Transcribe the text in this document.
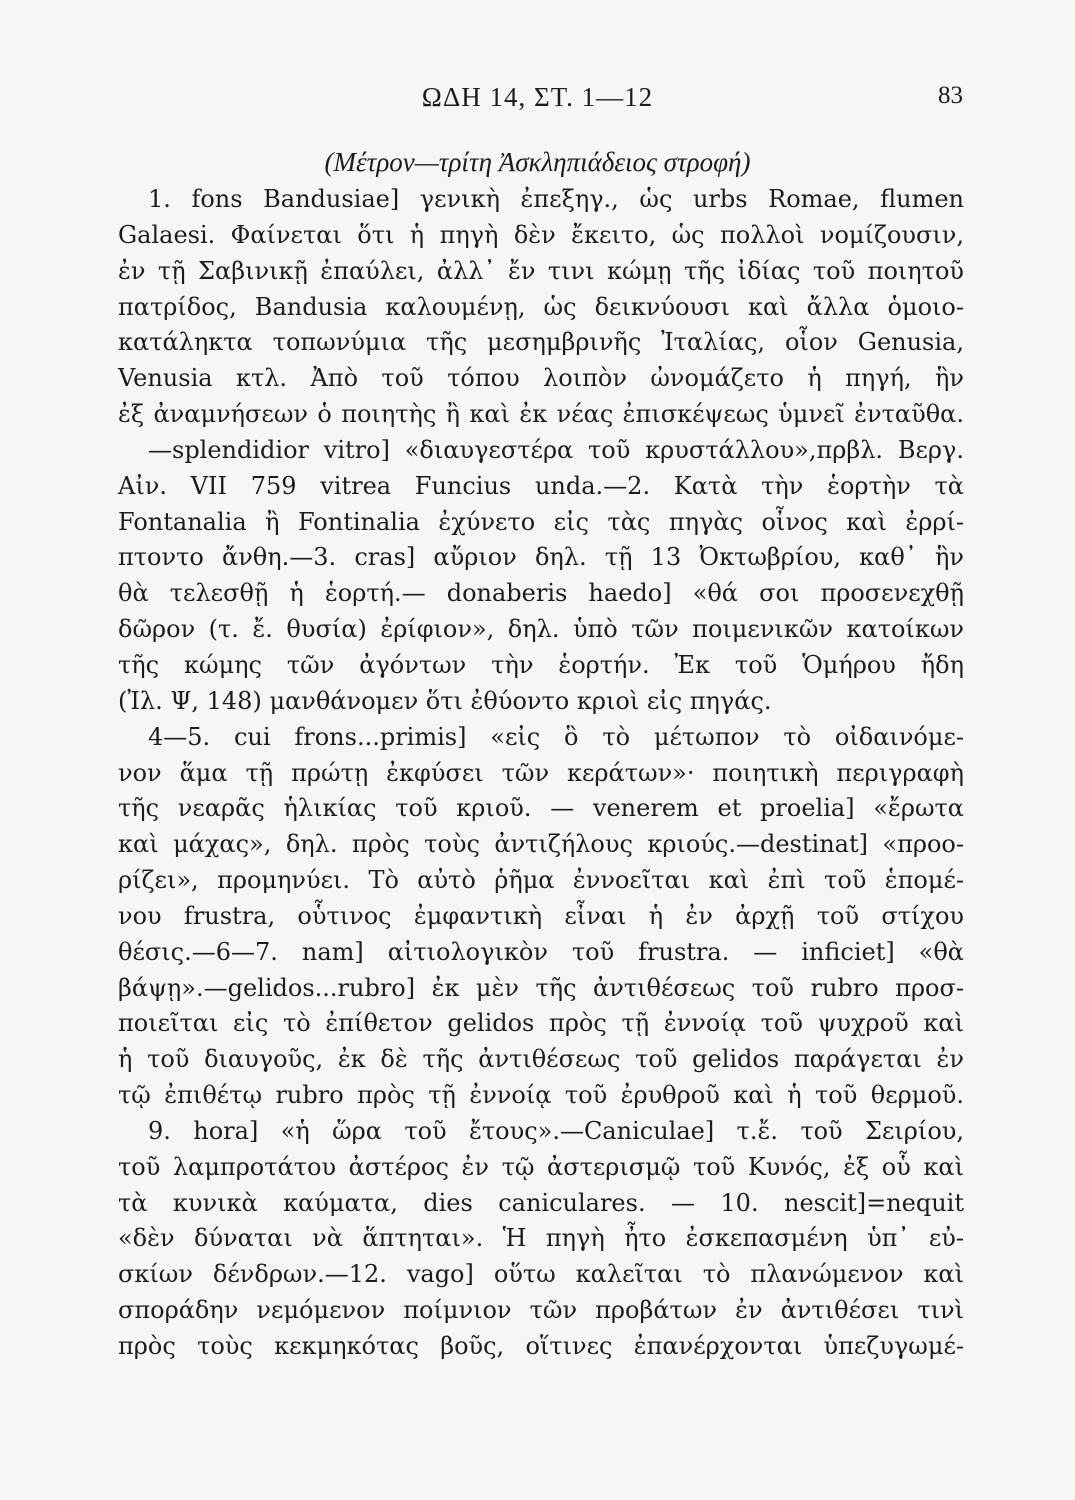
ΩΔΗ 14, ΣΤ. 1—12	83
(Μέτρον—τρίτη Ἀσκληπιάδειος στροφή)
1. fons Bandusiae] γενικὴ ἐπεξηγ., ὡς urbs Romae, flumen
Galaesi. Φαίνεται ὅτι ἡ πηγὴ δὲν ἔκειτο, ὡς πολλοὶ νομίζουσιν,
ἐν τῇ Σαβινικῇ ἐπαύλει, ἀλλ᾽ ἔν τινι κώμῃ τῆς ἰδίας τοῦ ποιητοῦ
πατρίδος, Bandusia καλουμένῃ, ὡς δεικνύουσι καὶ ἄλλα ὁμοιο-
κατάληκτα τοπωνύμια τῆς μεσημβρινῆς Ἰταλίας, οἷον Genusia,
Venusia κτλ. Ἀπὸ τοῦ τόπου λοιπὸν ὠνομάζετο ἡ πηγή, ἣν
ἐξ ἀναμνήσεων ὁ ποιητὴς ἢ καὶ ἐκ νέας ἐπισκέψεως ὑμνεῖ ἐνταῦθα.
—splendidior vitro] «διαυγεστέρα τοῦ κρυστάλλου»,πρβλ. Βεργ.
Αἰν. VII 759 vitrea Funcius unda.—2. Κατὰ τὴν ἑορτὴν τὰ
Fontanalia ἢ Fontinalia ἐχύνετο εἰς τὰς πηγὰς οἶνος καὶ ἐρρί-
πτοντο ἄνθη.—3. cras] αὔριον δηλ. τῇ 13 Ὀκτωβρίου, καθ᾽ ἣν
θὰ τελεσθῇ ἡ ἑορτή.— donaberis haedo] «θά σοι προσενεχθῇ
δῶρον (τ. ἔ. θυσία) ἐρίφιον», δηλ. ὑπὸ τῶν ποιμενικῶν κατοίκων
τῆς κώμης τῶν ἀγόντων τὴν ἑορτήν. Ἐκ τοῦ Ὁμήρου ἤδη
(Ἰλ. Ψ, 148) μανθάνομεν ὅτι ἐθύοντο κριοὶ εἰς πηγάς.
4—5. cui frons...primis] «εἰς ὃ τὸ μέτωπον τὸ οἰδαινόμε-
νον ἅμα τῇ πρώτῃ ἐκφύσει τῶν κεράτων»· ποιητικὴ περιγραφὴ
τῆς νεαρᾶς ἡλικίας τοῦ κριοῦ. — venerem et proelia] «ἔρωτα
καὶ μάχας», δηλ. πρὸς τοὺς ἀντιζήλους κριούς.—destinat] «προο-
ρίζει», προμηνύει. Τὸ αὐτὸ ῥῆμα ἐννοεῖται καὶ ἐπὶ τοῦ ἑπομέ-
νου frustra, οὗτινος ἐμφαντικὴ εἶναι ἡ ἐν ἀρχῇ τοῦ στίχου
θέσις.—6—7. nam] αἰτιολογικὸν τοῦ frustra. — inficiet] «θὰ
βάψῃ».—gelidos...rubro] ἐκ μὲν τῆς ἀντιθέσεως τοῦ rubro προσ-
ποιεῖται εἰς τὸ ἐπίθετον gelidos πρὸς τῇ ἐννοίᾳ τοῦ ψυχροῦ καὶ
ἡ τοῦ διαυγοῦς, ἐκ δὲ τῆς ἀντιθέσεως τοῦ gelidos παράγεται ἐν
τῷ ἐπιθέτῳ rubro πρὸς τῇ ἐννοίᾳ τοῦ ἐρυθροῦ καὶ ἡ τοῦ θερμοῦ.
9. hora] «ἡ ὥρα τοῦ ἔτους».—Caniculae] τ.ἔ. τοῦ Σειρίου,
τοῦ λαμπροτάτου ἀστέρος ἐν τῷ ἀστερισμῷ τοῦ Κυνός, ἐξ οὗ καὶ
τὰ κυνικὰ καύματα, dies caniculares. — 10. nescit]=nequit
«δὲν δύναται νὰ ἅπτηται». Ἡ πηγὴ ἦτο ἐσκεπασμένη ὑπ᾽ εὐ-
σκίων δένδρων.—12. vago] οὕτω καλεῖται τὸ πλανώμενον καὶ
σποράδην νεμόμενον ποίμνιον τῶν προβάτων ἐν ἀντιθέσει τινὶ
πρὸς τοὺς κεκμηκότας βοῦς, οἵτινες ἐπανέρχονται ὑπεζυγωμέ-
